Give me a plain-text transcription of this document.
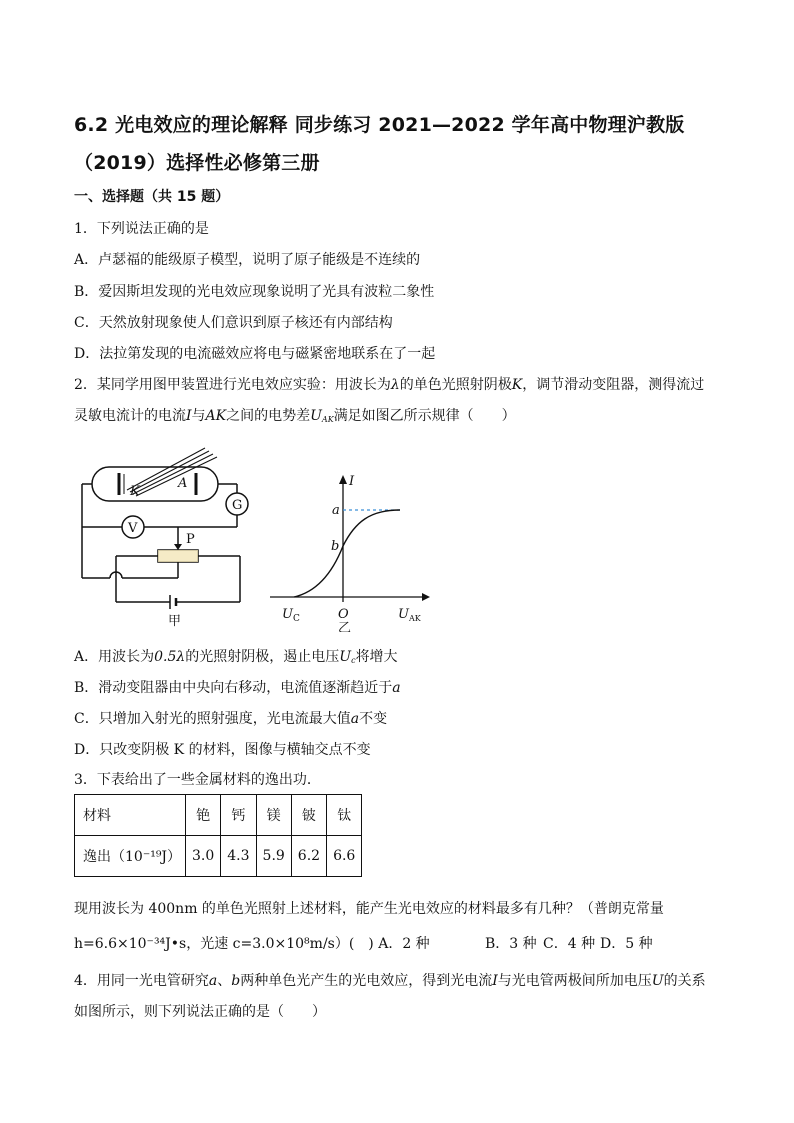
6.2 光电效应的理论解释 同步练习 2021—2022 学年高中物理沪教版
（2019）选择性必修第三册
一、选择题（共 15 题）
1．下列说法正确的是
A．卢瑟福的能级原子模型，说明了原子能级是不连续的
B．爱因斯坦发现的光电效应现象说明了光具有波粒二象性
C．天然放射现象使人们意识到原子核还有内部结构
D．法拉第发现的电流磁效应将电与磁紧密地联系在了一起
2．某同学用图甲装置进行光电效应实验：用波长为λ的单色光照射阴极K，调节滑动变阻器，测得流过
灵敏电流计的电流I与AK之间的电势差$U_{AK}$满足如图乙所示规律（　　）
K
A
G
V
P
甲
I
a
b
$U_C$	O	$U_{AK}$
乙
A．用波长为0.5λ的光照射阴极，遏止电压$U_c$将增大
B．滑动变阻器由中央向右移动，电流值逐渐趋近于a
C．只增加入射光的照射强度，光电流最大值a不变
D．只改变阴极 K 的材料，图像与横轴交点不变
3．下表给出了一些金属材料的逸出功．
材料	铯	钙	镁	铍	钛
逸出（10⁻¹⁹J）	3.0	4.3	5.9	6.2	6.6
现用波长为 400nm 的单色光照射上述材料，能产生光电效应的材料最多有几种？（普朗克常量
h=6.6×10⁻³⁴J•s，光速 c=3.0×10⁸m/s）(　) A．2 种	B．3 种 C．4 种 D．5 种
4．用同一光电管研究a、b两种单色光产生的光电效应，得到光电流I与光电管两极间所加电压U的关系
如图所示，则下列说法正确的是（　　）
